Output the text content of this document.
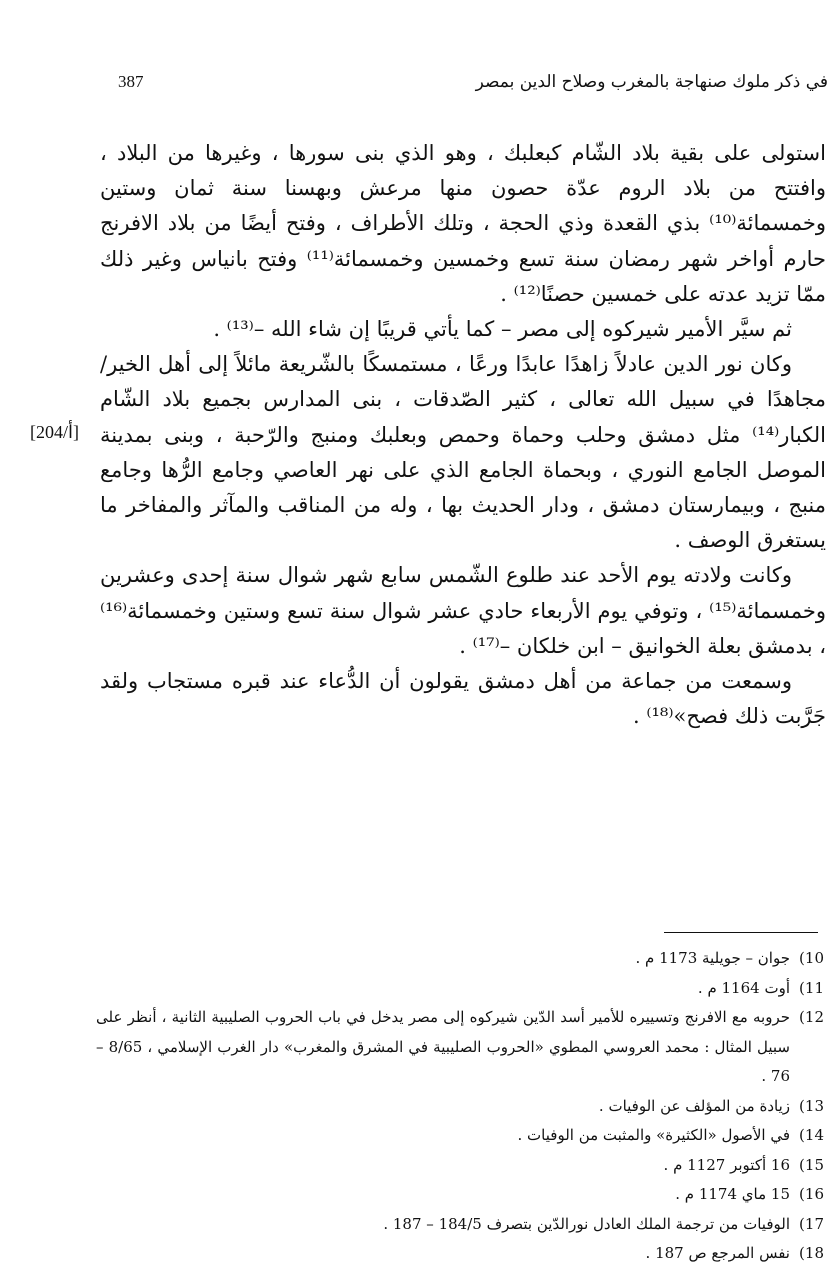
387	في ذكر ملوك صنهاجة بالمغرب وصلاح الدين بمصر

استولى على بقية بلاد الشّام كبعلبك ، وهو الذي بنى سورها ، وغيرها من البلاد ، وافتتح من بلاد الروم عدّة حصون منها مرعش وبهسنا سنة ثمان وستين وخمسمائة⁽¹⁰⁾ بذي القعدة وذي الحجة ، وتلك الأطراف ، وفتح أيضًا من بلاد الافرنج حارم أواخر شهر رمضان سنة تسع وخمسين وخمسمائة⁽¹¹⁾ وفتح بانياس وغير ذلك ممّا تزيد عدته على خمسين حصنًا⁽¹²⁾ .

ثم سيَّر الأمير شيركوه إلى مصر – كما يأتي قريبًا إن شاء الله –⁽¹³⁾ .

وكان نور الدين عادلاً زاهدًا عابدًا ورعًا ، مستمسكًا بالشّريعة مائلاً إلى أهل الخير/ مجاهدًا في سبيل الله تعالى ، كثير الصّدقات ، بنى المدارس بجميع بلاد الشّام الكبار⁽¹⁴⁾ مثل دمشق وحلب وحماة وحمص وبعلبك ومنبج والرّحبة ، وبنى بمدينة الموصل الجامع النوري ، وبحماة الجامع الذي على نهر العاصي وجامع الرُّها وجامع منبج ، وبيمارستان دمشق ، ودار الحديث بها ، وله من المناقب والمآثر والمفاخر ما يستغرق الوصف .

وكانت ولادته يوم الأحد عند طلوع الشّمس سابع شهر شوال سنة إحدى وعشرين وخمسمائة⁽¹⁵⁾ ، وتوفي يوم الأربعاء حادي عشر شوال سنة تسع وستين وخمسمائة⁽¹⁶⁾ ، بدمشق بعلة الخوانيق – ابن خلكان –⁽¹⁷⁾ .

وسمعت من جماعة من أهل دمشق يقولون أن الدُّعاء عند قبره مستجاب ولقد جَرَّبت ذلك فصح»⁽¹⁸⁾ .

[204/أ]
10)
جوان – جويلية 1173 م .
11)
أوت 1164 م .
12)
حروبه مع الافرنج وتسييره للأمير أسد الدّين شيركوه إلى مصر يدخل في باب الحروب الصليبية الثانية ، أنظر على سبيل المثال : محمد العروسي المطوي «الحروب الصليبية في المشرق والمغرب» دار الغرب الإسلامي ، 8/65 – 76 .
13)
زيادة من المؤلف عن الوفيات .
14)
في الأصول «الكثيرة» والمثبت من الوفيات .
15)
16 أكتوبر 1127 م .
16)
15 ماي 1174 م .
17)
الوفيات من ترجمة الملك العادل نورالدّين بتصرف 184/5 – 187 .
18)
نفس المرجع ص 187 .
